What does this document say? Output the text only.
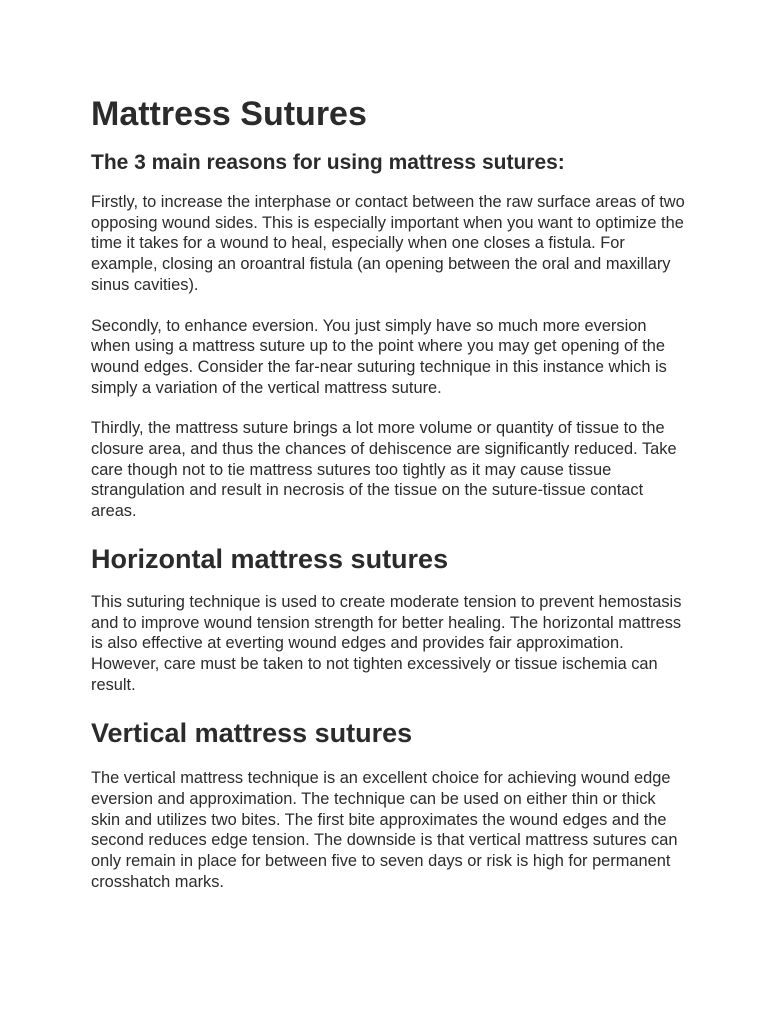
Mattress Sutures
The 3 main reasons for using mattress sutures:

Firstly, to increase the interphase or contact between the raw surface areas of two opposing wound sides. This is especially important when you want to optimize the time it takes for a wound to heal, especially when one closes a fistula. For example, closing an oroantral fistula (an opening between the oral and maxillary sinus cavities).

Secondly, to enhance eversion. You just simply have so much more eversion when using a mattress suture up to the point where you may get opening of the wound edges. Consider the far-near suturing technique in this instance which is simply a variation of the vertical mattress suture.

Thirdly, the mattress suture brings a lot more volume or quantity of tissue to the closure area, and thus the chances of dehiscence are significantly reduced. Take care though not to tie mattress sutures too tightly as it may cause tissue strangulation and result in necrosis of the tissue on the suture-tissue contact areas.

Horizontal mattress sutures

This suturing technique is used to create moderate tension to prevent hemostasis and to improve wound tension strength for better healing. The horizontal mattress is also effective at everting wound edges and provides fair approximation. However, care must be taken to not tighten excessively or tissue ischemia can result.

Vertical mattress sutures

The vertical mattress technique is an excellent choice for achieving wound edge eversion and approximation. The technique can be used on either thin or thick skin and utilizes two bites. The first bite approximates the wound edges and the second reduces edge tension. The downside is that vertical mattress sutures can only remain in place for between five to seven days or risk is high for permanent crosshatch marks.
